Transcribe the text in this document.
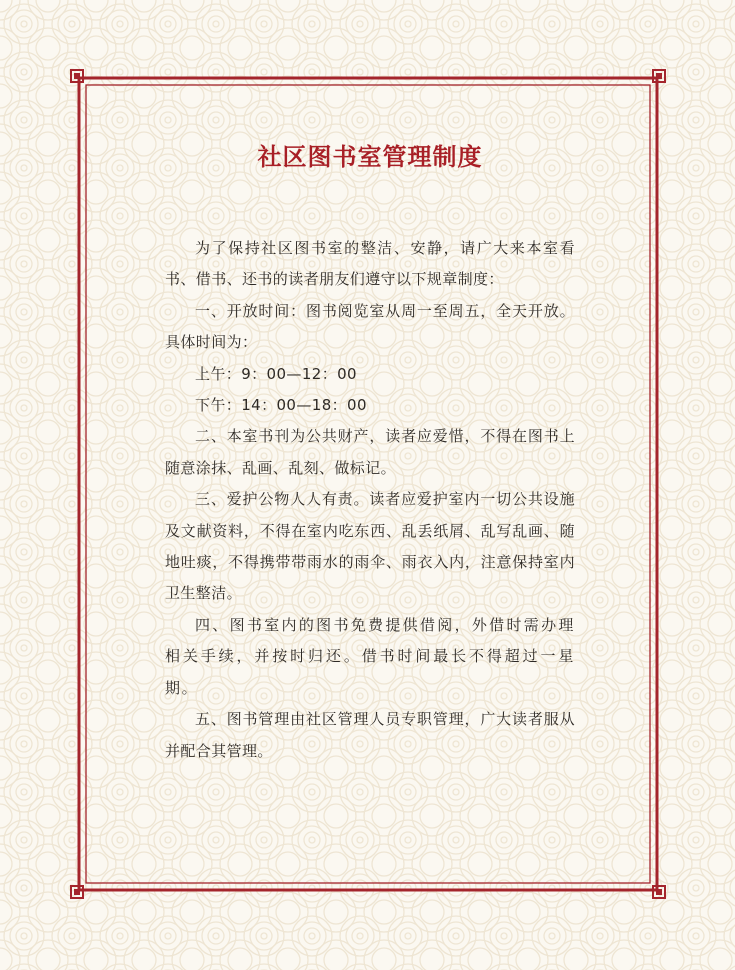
社区图书室管理制度

为了保持社区图书室的整洁、安静，请广大来本室看书、借书、还书的读者朋友们遵守以下规章制度：

一、开放时间：图书阅览室从周一至周五，全天开放。具体时间为：

上午：9：00—12：00

下午：14：00—18：00

二、本室书刊为公共财产，读者应爱惜，不得在图书上随意涂抹、乱画、乱刻、做标记。

三、爱护公物人人有责。读者应爱护室内一切公共设施及文献资料，不得在室内吃东西、乱丢纸屑、乱写乱画、随地吐痰，不得携带带雨水的雨伞、雨衣入内，注意保持室内卫生整洁。

四、图书室内的图书免费提供借阅，外借时需办理相关手续，并按时归还。借书时间最长不得超过一星期。

五、图书管理由社区管理人员专职管理，广大读者服从并配合其管理。
